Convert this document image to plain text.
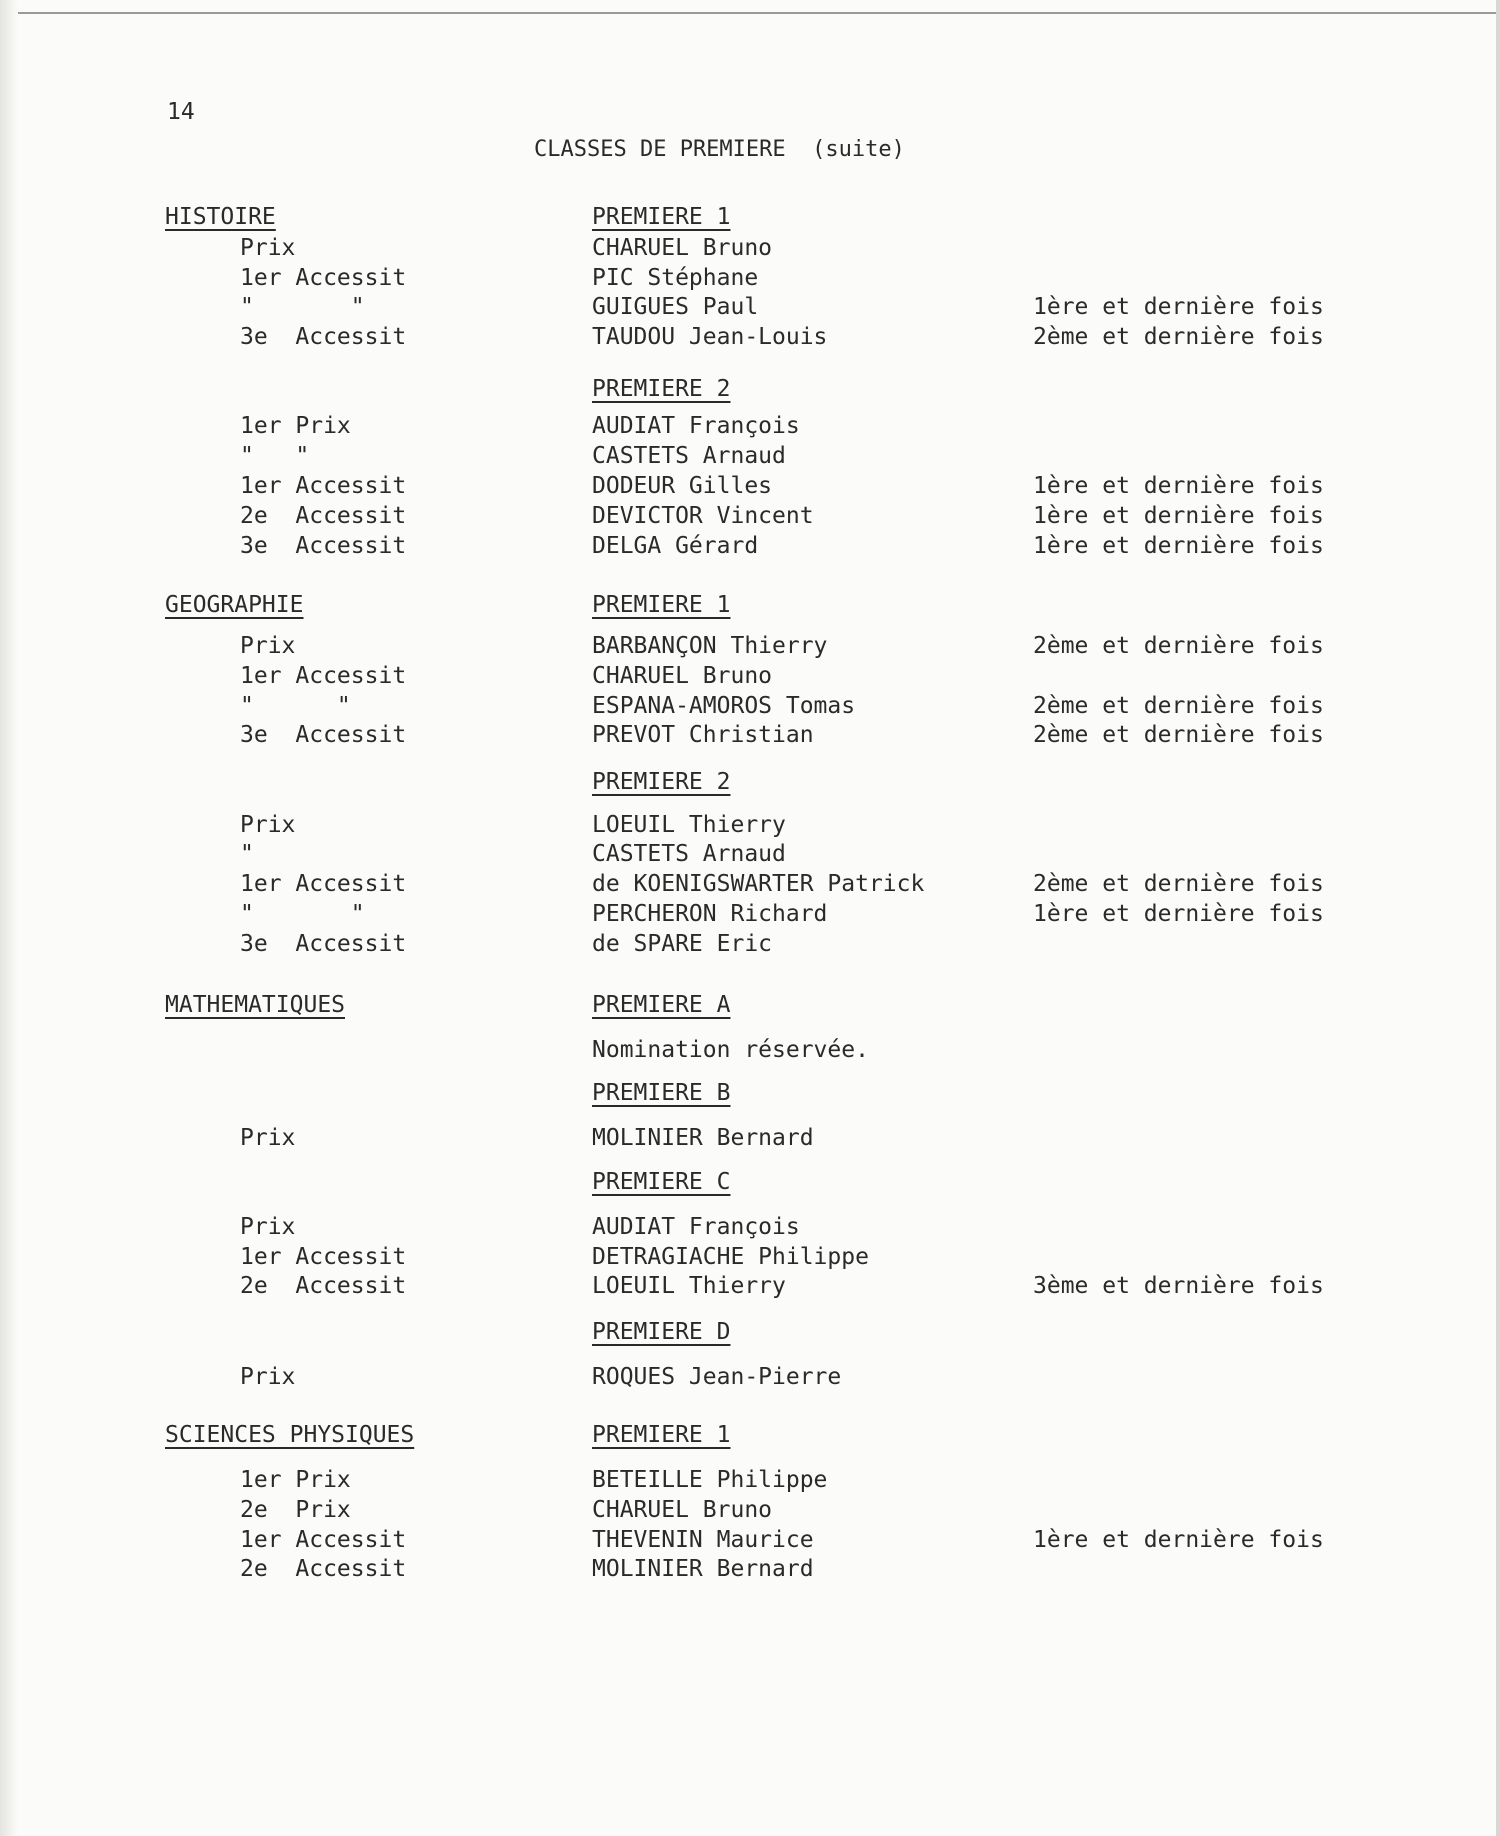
14
CLASSES DE PREMIERE  (suite)
HISTOIRE	PREMIERE 1
Prix	CHARUEL Bruno
1er Accessit	PIC Stéphane
"       "	GUIGUES Paul	1ère et dernière fois
3e  Accessit	TAUDOU Jean-Louis	2ème et dernière fois
PREMIERE 2
1er Prix	AUDIAT François
"   "	CASTETS Arnaud
1er Accessit	DODEUR Gilles	1ère et dernière fois
2e  Accessit	DEVICTOR Vincent	1ère et dernière fois
3e  Accessit	DELGA Gérard	1ère et dernière fois
GEOGRAPHIE	PREMIERE 1
Prix	BARBANÇON Thierry	2ème et dernière fois
1er Accessit	CHARUEL Bruno
"      "	ESPANA-AMOROS Tomas	2ème et dernière fois
3e  Accessit	PREVOT Christian	2ème et dernière fois
PREMIERE 2
Prix	LOEUIL Thierry
"	CASTETS Arnaud
1er Accessit	de KOENIGSWARTER Patrick	2ème et dernière fois
"       "	PERCHERON Richard	1ère et dernière fois
3e  Accessit	de SPARE Eric
MATHEMATIQUES	PREMIERE A
Nomination réservée.
PREMIERE B
Prix	MOLINIER Bernard
PREMIERE C
Prix	AUDIAT François
1er Accessit	DETRAGIACHE Philippe
2e  Accessit	LOEUIL Thierry	3ème et dernière fois
PREMIERE D
Prix	ROQUES Jean-Pierre
SCIENCES PHYSIQUES	PREMIERE 1
1er Prix	BETEILLE Philippe
2e  Prix	CHARUEL Bruno
1er Accessit	THEVENIN Maurice	1ère et dernière fois
2e  Accessit	MOLINIER Bernard
